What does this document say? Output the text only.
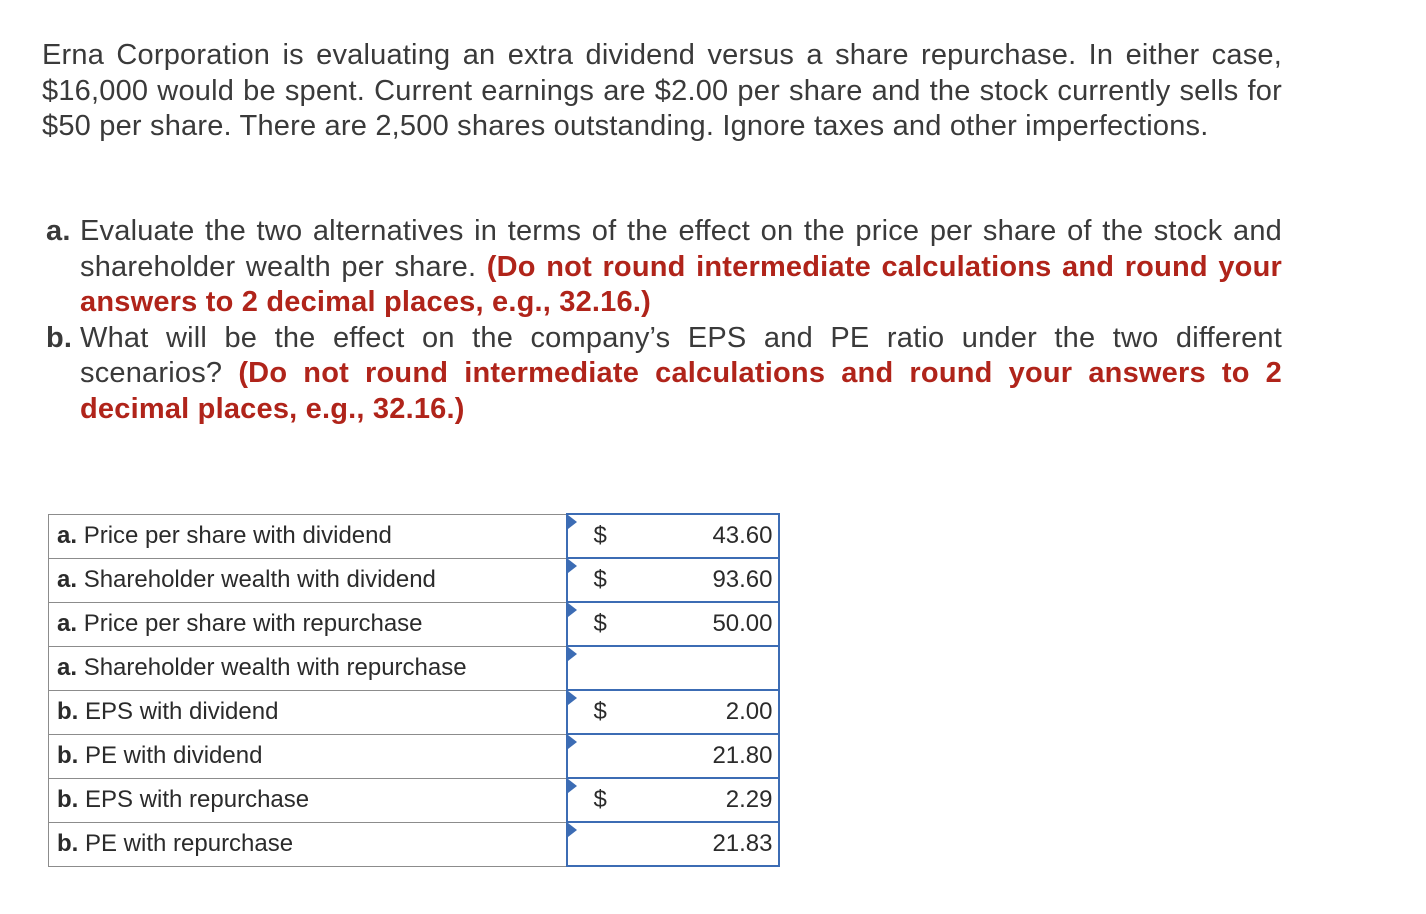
Erna Corporation is evaluating an extra dividend versus a share repurchase. In either case, $16,000 would be spent. Current earnings are $2.00 per share and the stock currently sells for $50 per share. There are 2,500 shares outstanding. Ignore taxes and other imperfections.

a. Evaluate the two alternatives in terms of the effect on the price per share of the stock and shareholder wealth per share. (Do not round intermediate calculations and round your answers to 2 decimal places, e.g., 32.16.)
b. What will be the effect on the company’s EPS and PE ratio under the two different scenarios? (Do not round intermediate calculations and round your answers to 2 decimal places, e.g., 32.16.)
a. Price per share with dividend	$ 43.60

a. Shareholder wealth with dividend	$ 93.60

a. Price per share with repurchase	$ 50.00

a. Shareholder wealth with repurchase	

b. EPS with dividend	$ 2.00

b. PE with dividend	21.80

b. EPS with repurchase	$ 2.29

b. PE with repurchase	21.83
